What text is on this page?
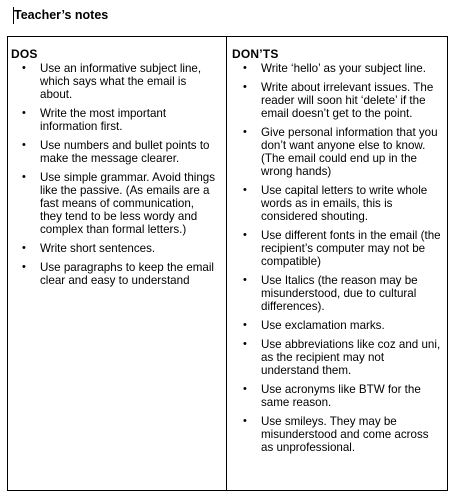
Teacher’s notes
DOS
• Use an informative subject line, which says what the email is about.
• Write the most important information first.
• Use numbers and bullet points to make the message clearer.
• Use simple grammar. Avoid things like the passive. (As emails are a fast means of communication, they tend to be less wordy and complex than formal letters.)
• Write short sentences.
• Use paragraphs to keep the email clear and easy to understand
DON’TS
• Write ‘hello’ as your subject line.
• Write about irrelevant issues. The reader will soon hit ‘delete’ if the email doesn’t get to the point.
• Give personal information that you don’t want anyone else to know. (The email could end up in the wrong hands)
• Use capital letters to write whole words as in emails, this is considered shouting.
• Use different fonts in the email (the recipient’s computer may not be compatible)
• Use Italics (the reason may be misunderstood, due to cultural differences).
• Use exclamation marks.
• Use abbreviations like coz and uni, as the recipient may not understand them.
• Use acronyms like BTW for the same reason.
• Use smileys. They may be misunderstood and come across as unprofessional.
